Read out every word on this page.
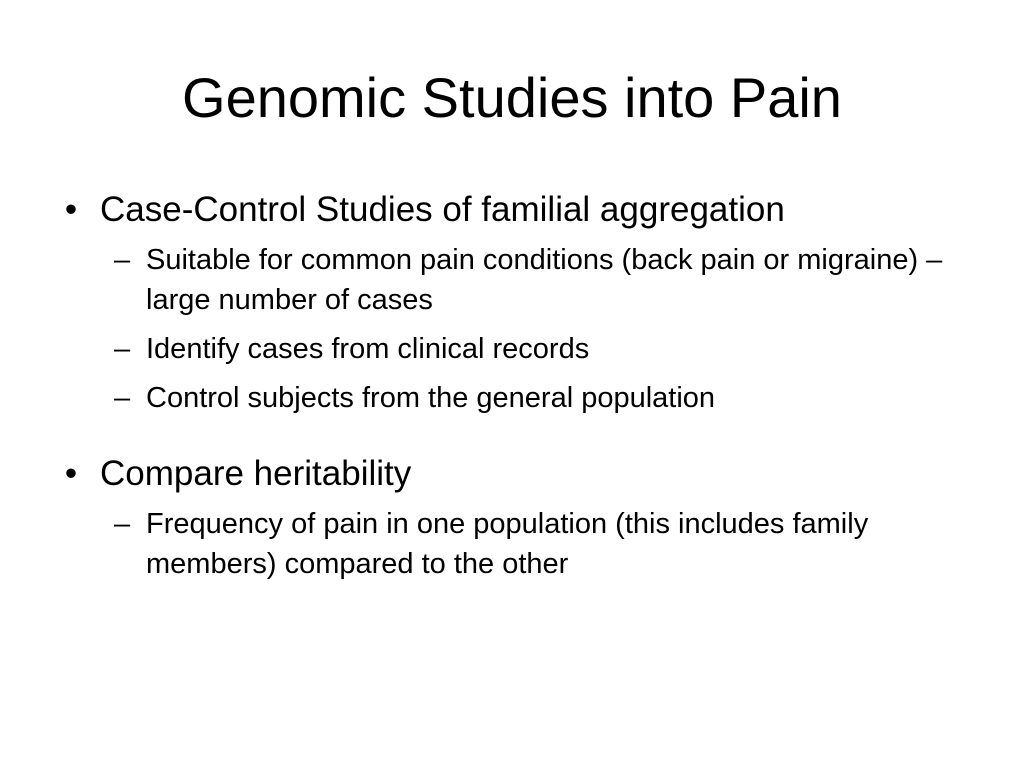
Genomic Studies into Pain
• Case-Control Studies of familial aggregation
– Suitable for common pain conditions (back pain or migraine) – large number of cases
– Identify cases from clinical records
– Control subjects from the general population
• Compare heritability
– Frequency of pain in one population (this includes family members) compared to the other
